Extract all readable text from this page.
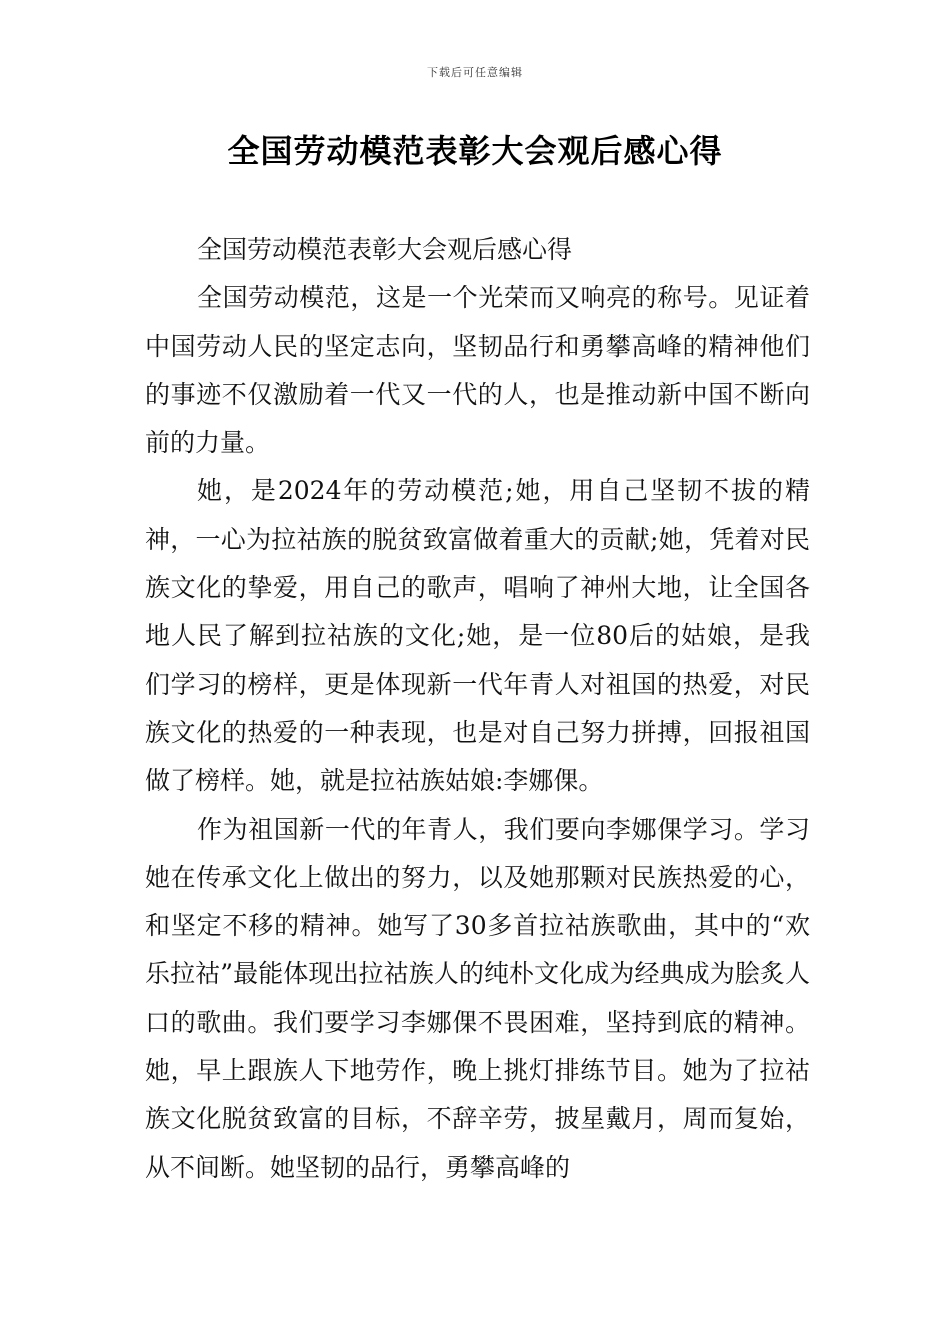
下载后可任意编辑
全国劳动模范表彰大会观后感心得

全国劳动模范表彰大会观后感心得

全国劳动模范，这是一个光荣而又响亮的称号。见证着中国劳动人民的坚定志向，坚韧品行和勇攀高峰的精神他们的事迹不仅激励着一代又一代的人，也是推动新中国不断向前的力量。

她，是2024年的劳动模范;她，用自己坚韧不拔的精神，一心为拉祜族的脱贫致富做着重大的贡献;她，凭着对民族文化的挚爱，用自己的歌声，唱响了神州大地，让全国各地人民了解到拉祜族的文化;她，是一位80后的姑娘，是我们学习的榜样，更是体现新一代年青人对祖国的热爱，对民族文化的热爱的一种表现，也是对自己努力拼搏，回报祖国做了榜样。她，就是拉祜族姑娘:李娜倮。

作为祖国新一代的年青人，我们要向李娜倮学习。学习她在传承文化上做出的努力，以及她那颗对民族热爱的心，和坚定不移的精神。她写了30多首拉祜族歌曲，其中的“欢乐拉祜”最能体现出拉祜族人的纯朴文化成为经典成为脍炙人口的歌曲。我们要学习李娜倮不畏困难，坚持到底的精神。她，早上跟族人下地劳作，晚上挑灯排练节目。她为了拉祜族文化脱贫致富的目标，不辞辛劳，披星戴月，周而复始，从不间断。她坚韧的品行，勇攀高峰的
